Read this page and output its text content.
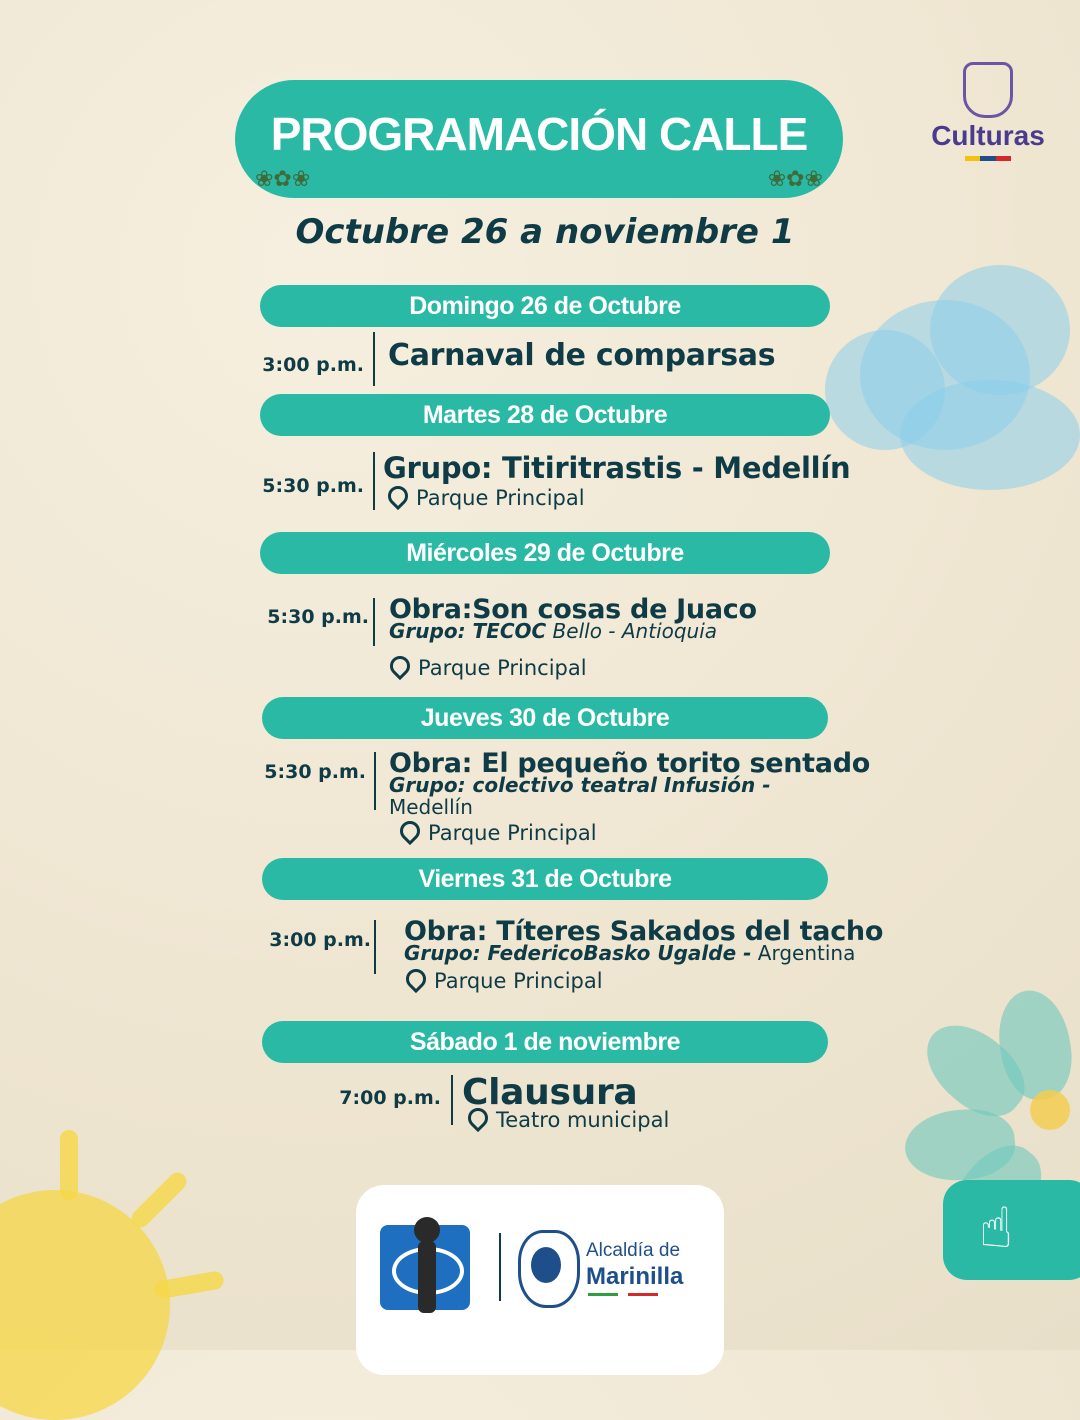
Culturas
❀✿❀
PROGRAMACIÓN CALLE
❀✿❀
Octubre 26 a noviembre 1
Domingo 26 de Octubre
3:00 p.m. Carnaval de comparsas
Martes 28 de Octubre
5:30 p.m.
Grupo: Titiritrastis - Medellín
Parque Principal
Miércoles 29 de Octubre
5:30 p.m. Obra:Son cosas de Juaco
Grupo: TECOC Bello - Antioquia
Parque Principal
Jueves 30 de Octubre
5:30 p.m. Obra: El pequeño torito sentado
Grupo: colectivo teatral Infusión -
Medellín
Parque Principal
Viernes 31 de Octubre
3:00 p.m. Obra: Títeres Sakados del tacho
Grupo: FedericoBasko Ugalde - Argentina
Parque Principal
Sábado 1 de noviembre
7:00 p.m. Clausura
Teatro municipal
Alcaldía de
Marinilla
☝
